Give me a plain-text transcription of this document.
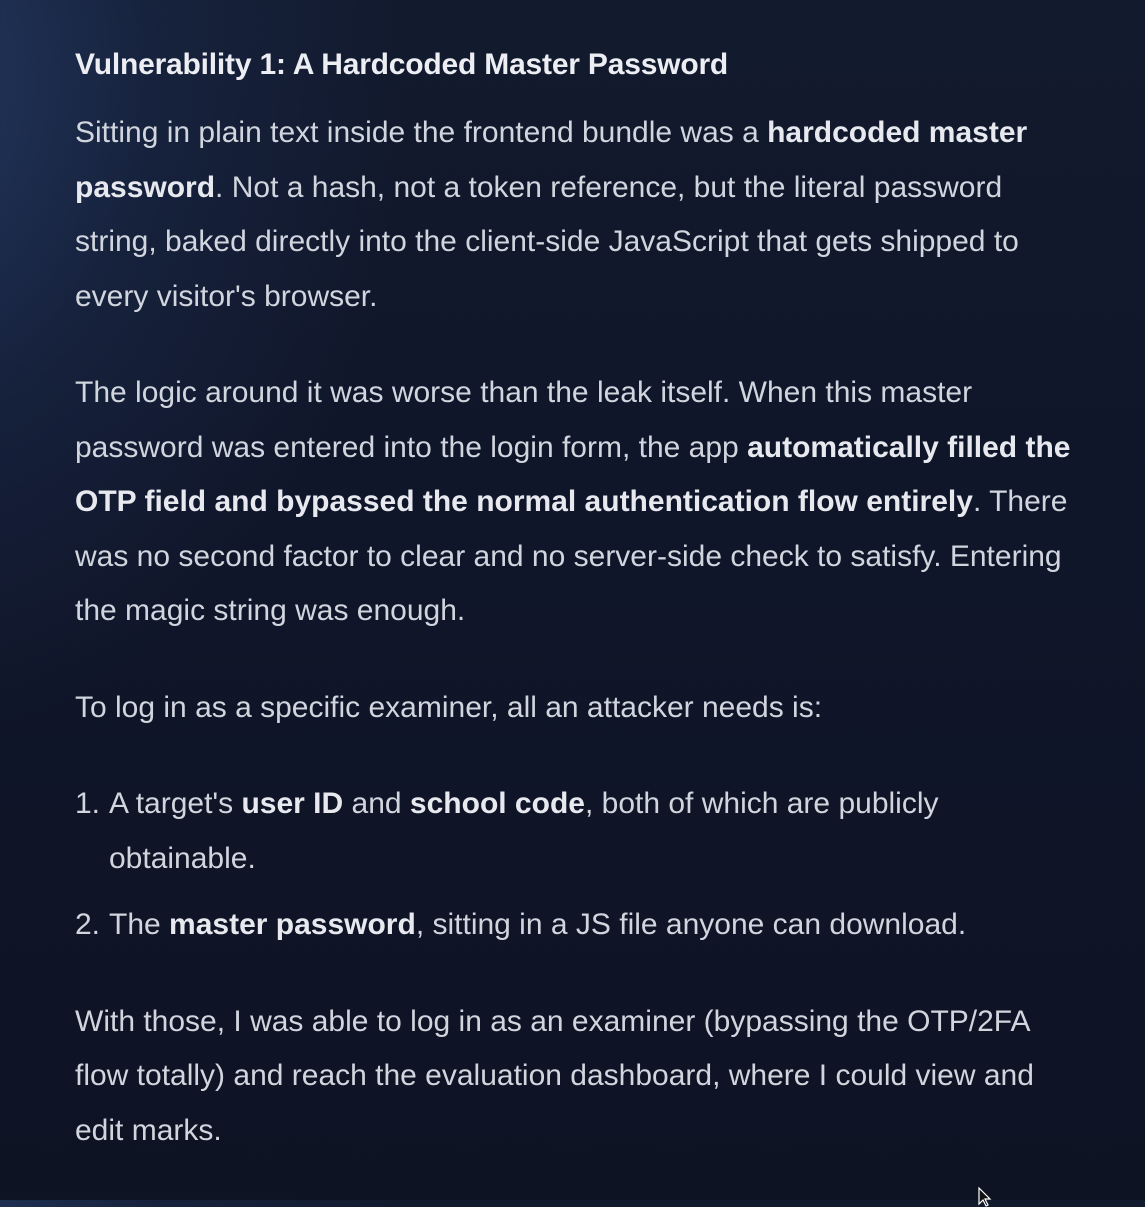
Vulnerability 1: A Hardcoded Master Password

Sitting in plain text inside the frontend bundle was a hardcoded master password. Not a hash, not a token reference, but the literal password string, baked directly into the client-side JavaScript that gets shipped to every visitor's browser.

The logic around it was worse than the leak itself. When this master password was entered into the login form, the app automatically filled the OTP field and bypassed the normal authentication flow entirely. There was no second factor to clear and no server-side check to satisfy. Entering the magic string was enough.

To log in as a specific examiner, all an attacker needs is:

1. A target's user ID and school code, both of which are publicly obtainable.
2. The master password, sitting in a JS file anyone can download.

With those, I was able to log in as an examiner (bypassing the OTP/2FA flow totally) and reach the evaluation dashboard, where I could view and edit marks.
